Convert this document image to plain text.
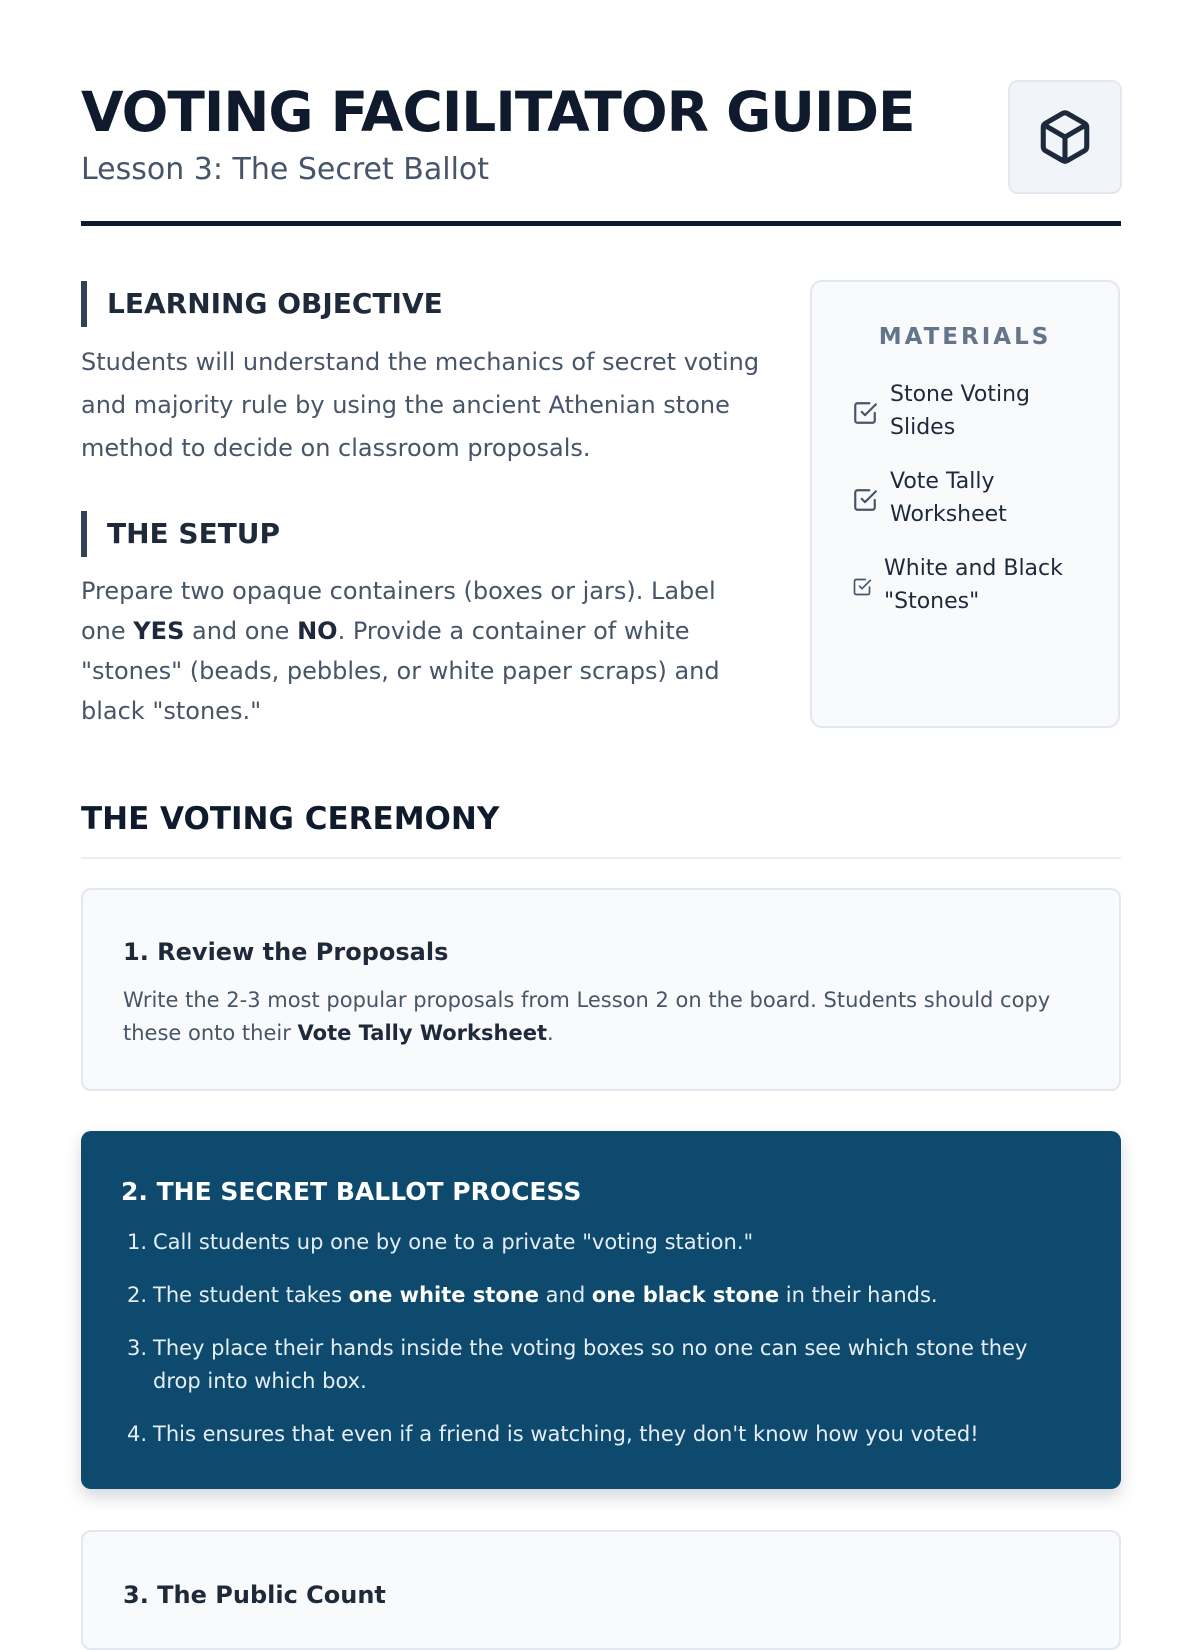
VOTING FACILITATOR GUIDE
Lesson 3: The Secret Ballot
LEARNING OBJECTIVE
Students will understand the mechanics of secret voting and majority rule by using the ancient Athenian stone method to decide on classroom proposals.
THE SETUP
Prepare two opaque containers (boxes or jars). Label one YES and one NO. Provide a container of white "stones" (beads, pebbles, or white paper scraps) and black "stones."
MATERIALS
Stone Voting Slides
Vote Tally Worksheet
White and Black "Stones"
THE VOTING CEREMONY
1. Review the Proposals
Write the 2-3 most popular proposals from Lesson 2 on the board. Students should copy these onto their Vote Tally Worksheet.
2. THE SECRET BALLOT PROCESS
1. Call students up one by one to a private "voting station."
2. The student takes one white stone and one black stone in their hands.
3. They place their hands inside the voting boxes so no one can see which stone they drop into which box.
4. This ensures that even if a friend is watching, they don't know how you voted!
3. The Public Count
